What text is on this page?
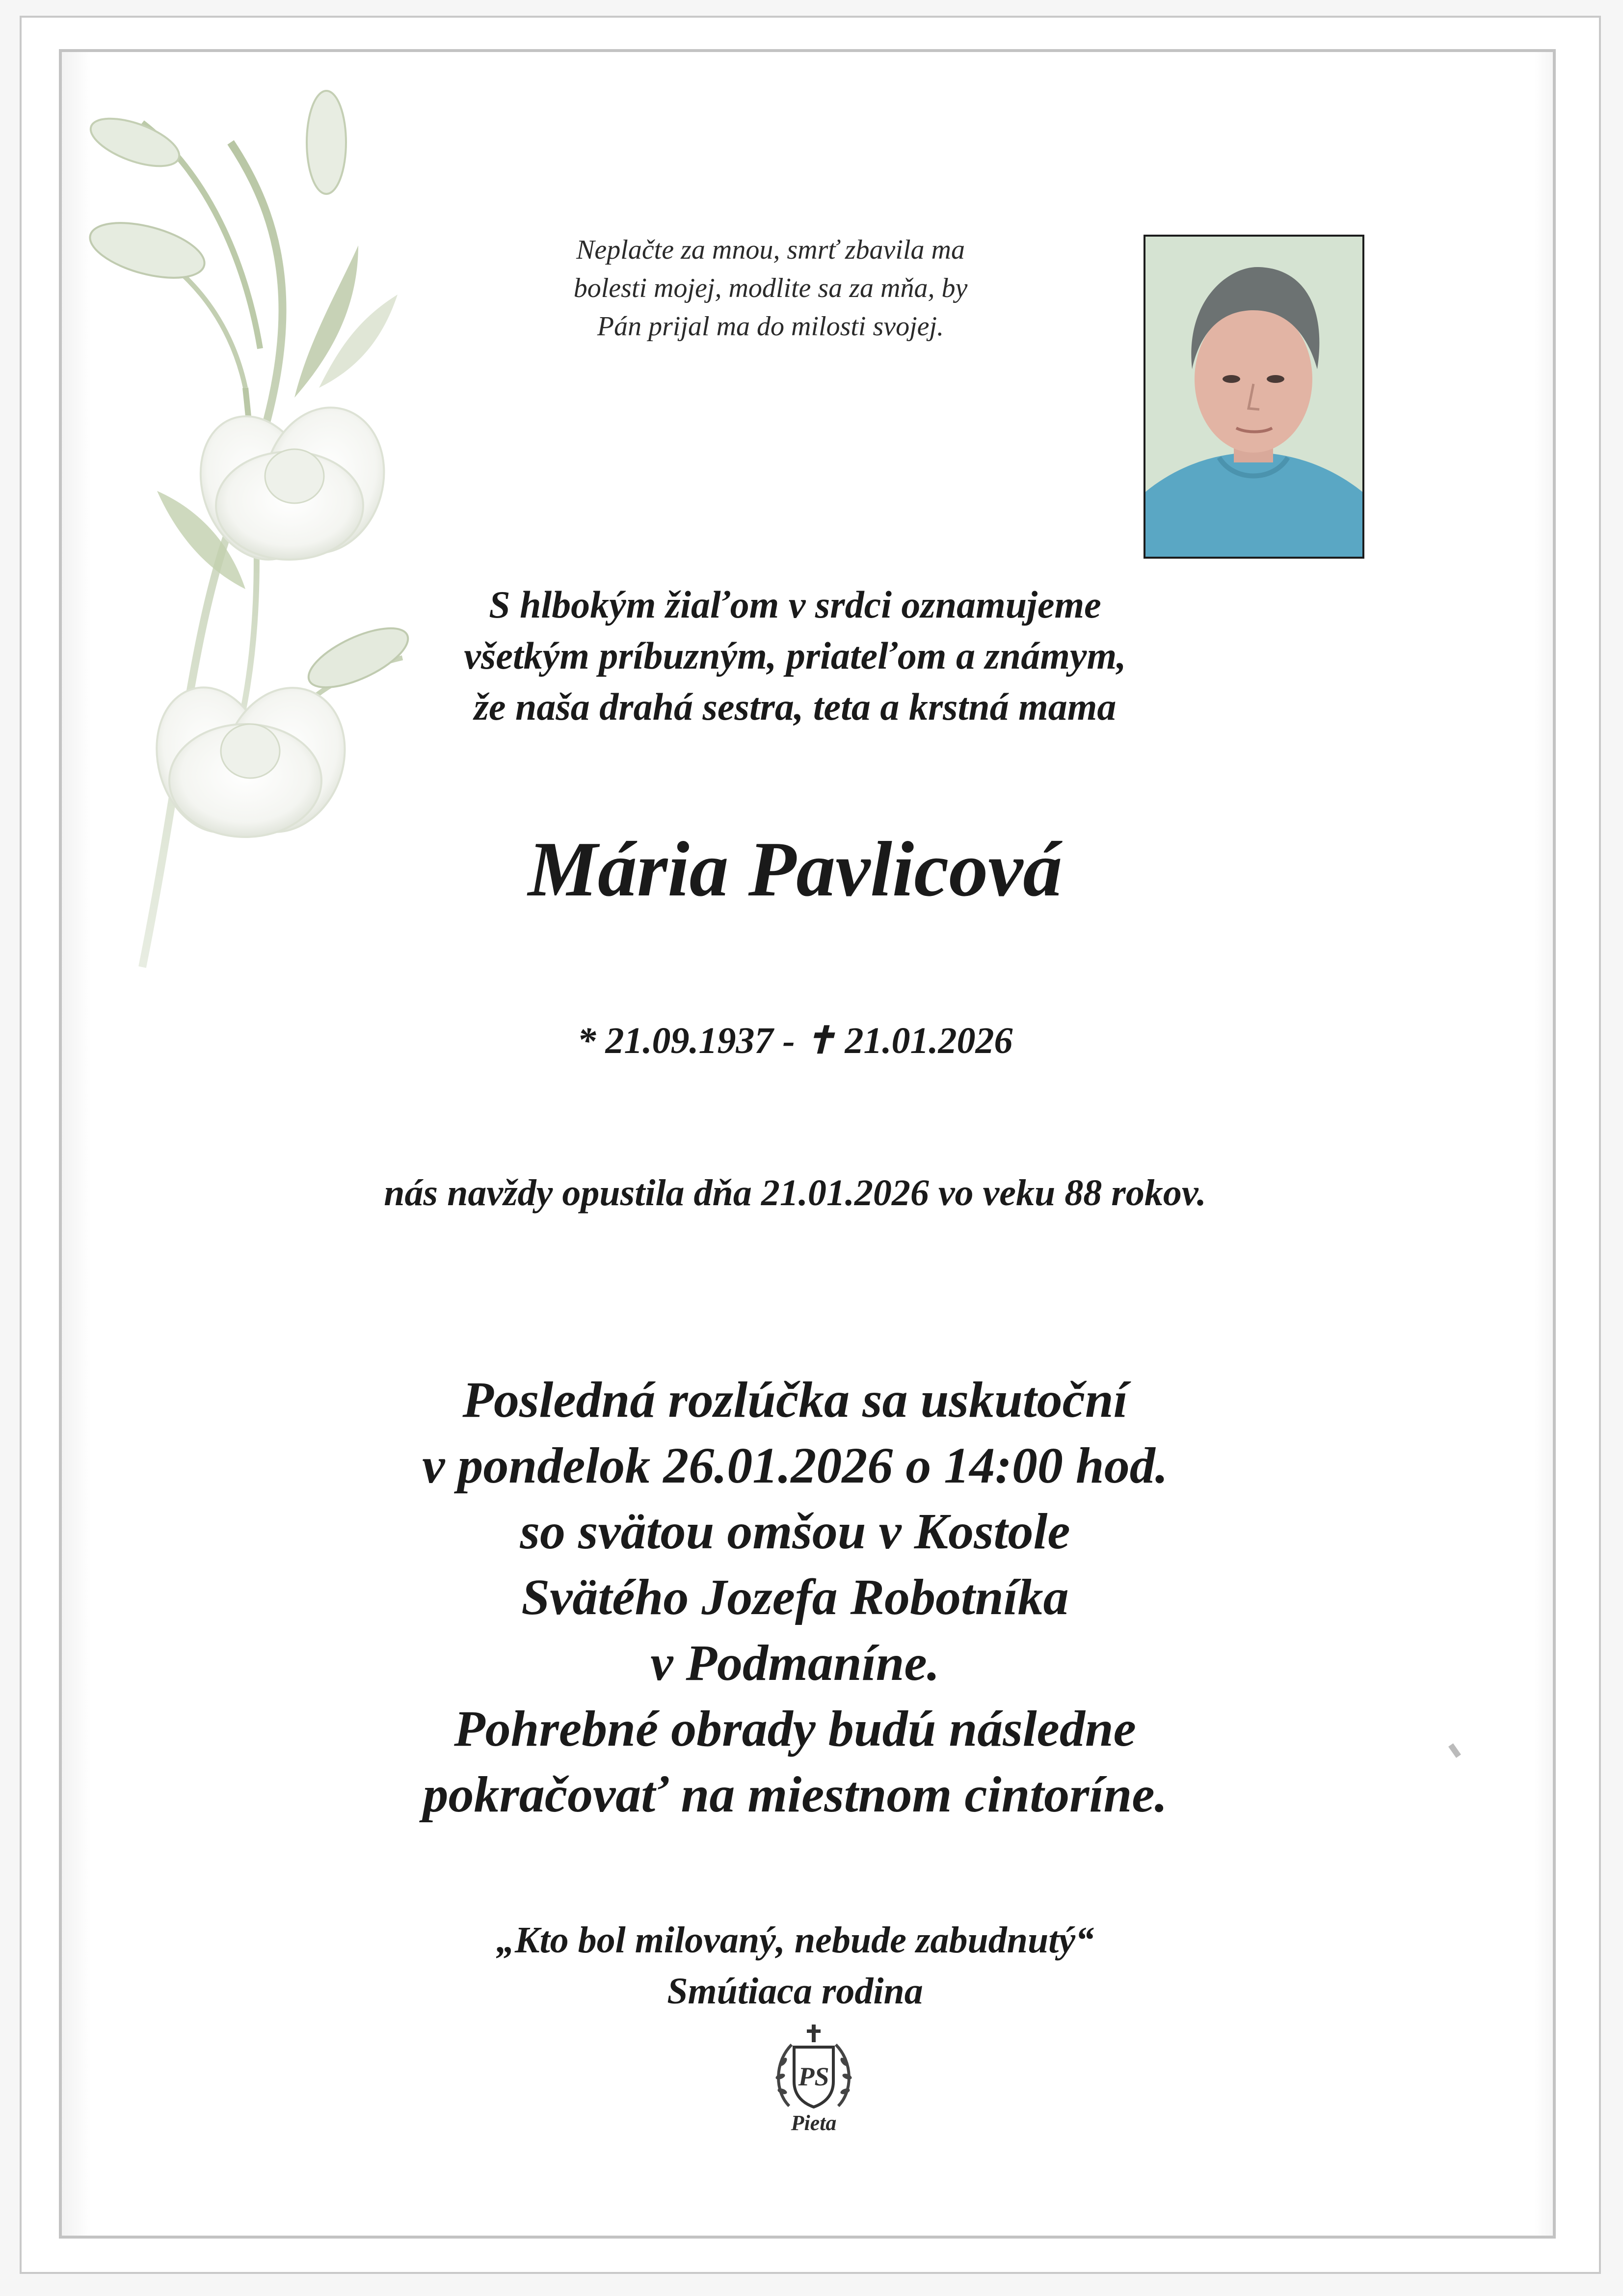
Neplačte za mnou, smrť zbavila ma
bolesti mojej, modlite sa za mňa, by
Pán prijal ma do milosti svojej.
S hlbokým žiaľom v srdci oznamujeme
všetkým príbuzným, priateľom a známym,
že naša drahá sestra, teta a krstná mama
Mária Pavlicová
* 21.09.1937 - ✝ 21.01.2026
nás navždy opustila dňa 21.01.2026 vo veku 88 rokov.
Posledná rozlúčka sa uskutoční
v pondelok 26.01.2026 o 14:00 hod.
so svätou omšou v Kostole
Svätého Jozefa Robotníka
v Podmaníne.
Pohrebné obrady budú následne
pokračovať na miestnom cintoríne.
„Kto bol milovaný, nebude zabudnutý“
Smútiaca rodina
PS
Pieta
